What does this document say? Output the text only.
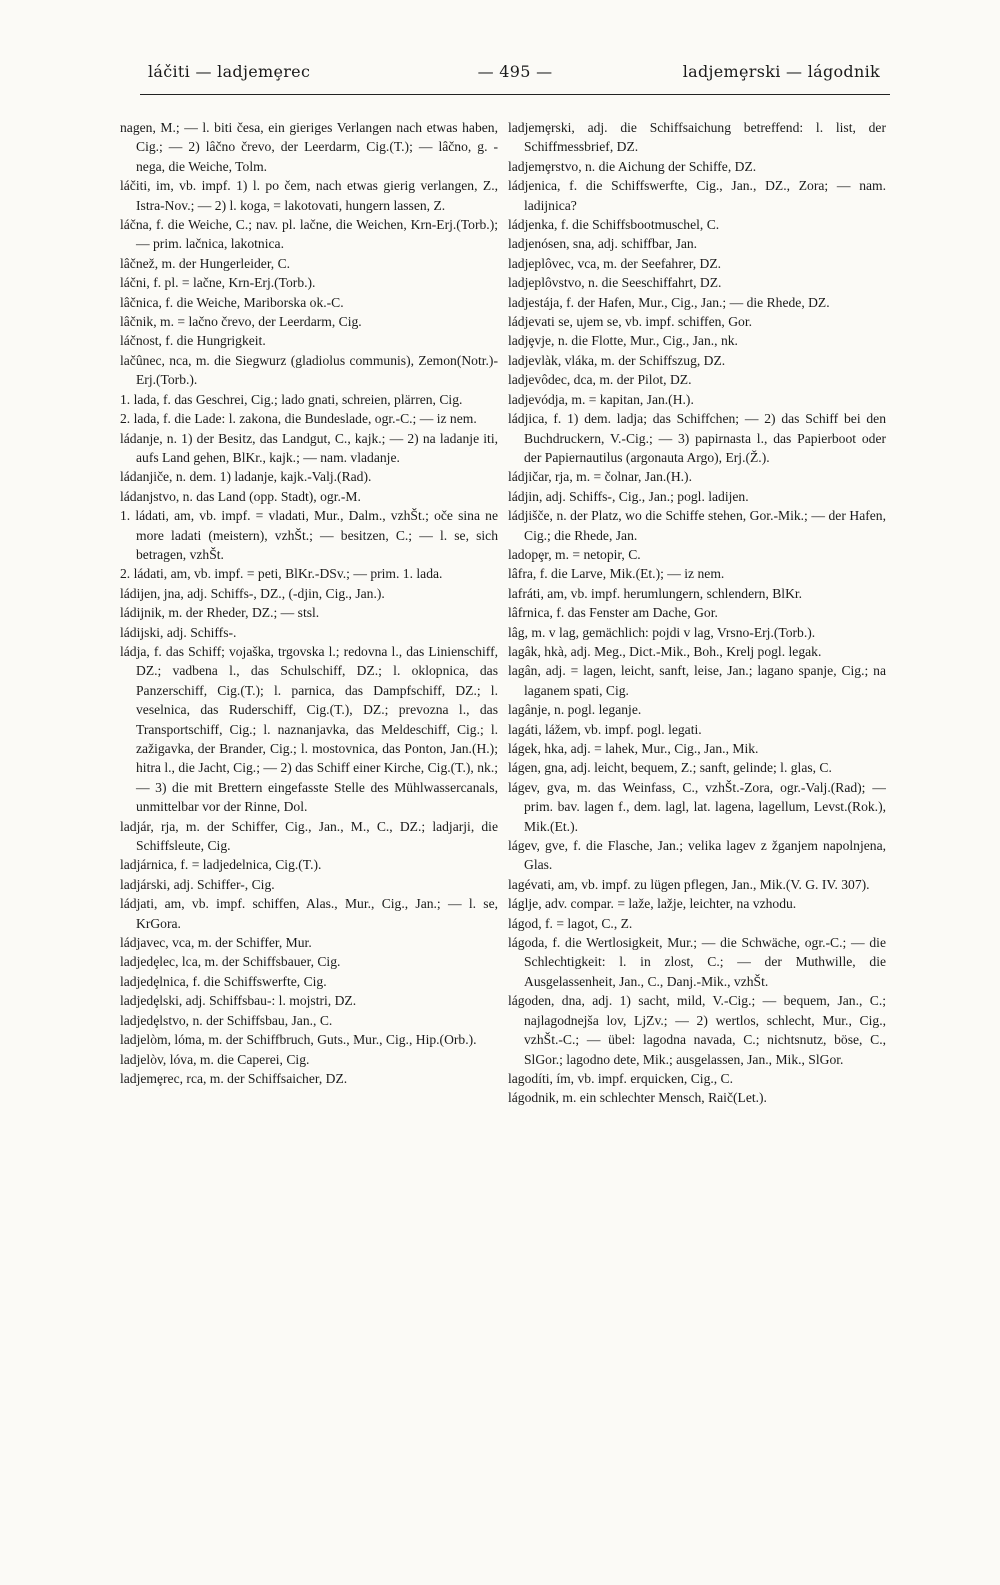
láčiti — ladjemȩrec	— 495 —	ladjemȩrski — lágodnik

nagen, M.; — l. biti česa, ein gieriges Verlangen nach etwas haben, Cig.; — 2) lâčno črevo, der Leerdarm, Cig.(T.); — lâčno, g. -nega, die Weiche, Tolm.

láčiti, im, vb. impf. 1) l. po čem, nach etwas gierig verlangen, Z., Istra-Nov.; — 2) l. koga, = lakotovati, hungern lassen, Z.

láčna, f. die Weiche, C.; nav. pl. lačne, die Weichen, Krn-Erj.(Torb.); — prim. lačnica, lakotnica.

lâčnež, m. der Hungerleider, C.

láčni, f. pl. = lačne, Krn-Erj.(Torb.).

lâčnica, f. die Weiche, Mariborska ok.-C.

lâčnik, m. = lačno črevo, der Leerdarm, Cig.

láčnost, f. die Hungrigkeit.

lačûnec, nca, m. die Siegwurz (gladiolus communis), Zemon(Notr.)-Erj.(Torb.).

1. lada, f. das Geschrei, Cig.; lado gnati, schreien, plärren, Cig.

2. lada, f. die Lade: l. zakona, die Bundeslade, ogr.-C.; — iz nem.

ládanje, n. 1) der Besitz, das Landgut, C., kajk.; — 2) na ladanje iti, aufs Land gehen, BlKr., kajk.; — nam. vladanje.

ládanjiče, n. dem. 1) ladanje, kajk.-Valj.(Rad).

ládanjstvo, n. das Land (opp. Stadt), ogr.-M.

1. ládati, am, vb. impf. = vladati, Mur., Dalm., vzhŠt.; oče sina ne more ladati (meistern), vzhŠt.; — besitzen, C.; — l. se, sich betragen, vzhŠt.

2. ládati, am, vb. impf. = peti, BlKr.-DSv.; — prim. 1. lada.

ládijen, jna, adj. Schiffs-, DZ., (-djin, Cig., Jan.).

ládijnik, m. der Rheder, DZ.; — stsl.

ládijski, adj. Schiffs-.

ládja, f. das Schiff; vojaška, trgovska l.; redovna l., das Linienschiff, DZ.; vadbena l., das Schulschiff, DZ.; l. oklopnica, das Panzerschiff, Cig.(T.); l. parnica, das Dampfschiff, DZ.; l. veselnica, das Ruderschiff, Cig.(T.), DZ.; prevozna l., das Transportschiff, Cig.; l. naznanjavka, das Meldeschiff, Cig.; l. zažigavka, der Brander, Cig.; l. mostovnica, das Ponton, Jan.(H.); hitra l., die Jacht, Cig.; — 2) das Schiff einer Kirche, Cig.(T.), nk.; — 3) die mit Brettern eingefasste Stelle des Mühlwassercanals, unmittelbar vor der Rinne, Dol.

ladjár, rja, m. der Schiffer, Cig., Jan., M., C., DZ.; ladjarji, die Schiffsleute, Cig.

ladjárnica, f. = ladjedelnica, Cig.(T.).

ladjárski, adj. Schiffer-, Cig.

ládjati, am, vb. impf. schiffen, Alas., Mur., Cig., Jan.; — l. se, KrGora.

ládjavec, vca, m. der Schiffer, Mur.

ladjedȩlec, lca, m. der Schiffsbauer, Cig.

ladjedȩlnica, f. die Schiffswerfte, Cig.

ladjedȩlski, adj. Schiffsbau-: l. mojstri, DZ.

ladjedȩlstvo, n. der Schiffsbau, Jan., C.

ladjelòm, lóma, m. der Schiffbruch, Guts., Mur., Cig., Hip.(Orb.).

ladjelòv, lóva, m. die Caperei, Cig.

ladjemȩrec, rca, m. der Schiffsaicher, DZ.

ladjemȩrski, adj. die Schiffsaichung betreffend: l. list, der Schiffmessbrief, DZ.

ladjemȩrstvo, n. die Aichung der Schiffe, DZ.

ládjenica, f. die Schiffswerfte, Cig., Jan., DZ., Zora; — nam. ladijnica?

ládjenka, f. die Schiffsbootmuschel, C.

ladjenósen, sna, adj. schiffbar, Jan.

ladjeplôvec, vca, m. der Seefahrer, DZ.

ladjeplôvstvo, n. die Seeschiffahrt, DZ.

ladjestája, f. der Hafen, Mur., Cig., Jan.; — die Rhede, DZ.

ládjevati se, ujem se, vb. impf. schiffen, Gor.

ladjȩvje, n. die Flotte, Mur., Cig., Jan., nk.

ladjevlàk, vláka, m. der Schiffszug, DZ.

ladjevôdec, dca, m. der Pilot, DZ.

ladjevódja, m. = kapitan, Jan.(H.).

ládjica, f. 1) dem. ladja; das Schiffchen; — 2) das Schiff bei den Buchdruckern, V.-Cig.; — 3) papirnasta l., das Papierboot oder der Papiernautilus (argonauta Argo), Erj.(Ž.).

ládjičar, rja, m. = čolnar, Jan.(H.).

ládjin, adj. Schiffs-, Cig., Jan.; pogl. ladijen.

ládjišče, n. der Platz, wo die Schiffe stehen, Gor.-Mik.; — der Hafen, Cig.; die Rhede, Jan.

ladopȩr, m. = netopir, C.

lâfra, f. die Larve, Mik.(Et.); — iz nem.

lafráti, am, vb. impf. herumlungern, schlendern, BlKr.

lâfrnica, f. das Fenster am Dache, Gor.

lâg, m. v lag, gemächlich: pojdi v lag, Vrsno-Erj.(Torb.).

lagâk, hkà, adj. Meg., Dict.-Mik., Boh., Krelj pogl. legak.

lagân, adj. = lagen, leicht, sanft, leise, Jan.; lagano spanje, Cig.; na laganem spati, Cig.

lagânje, n. pogl. leganje.

lagáti, lážem, vb. impf. pogl. legati.

lágek, hka, adj. = lahek, Mur., Cig., Jan., Mik.

lágen, gna, adj. leicht, bequem, Z.; sanft, gelinde; l. glas, C.

lágev, gva, m. das Weinfass, C., vzhŠt.-Zora, ogr.-Valj.(Rad); — prim. bav. lagen f., dem. lagl, lat. lagena, lagellum, Levst.(Rok.), Mik.(Et.).

lágev, gve, f. die Flasche, Jan.; velika lagev z žganjem napolnjena, Glas.

lagévati, am, vb. impf. zu lügen pflegen, Jan., Mik.(V. G. IV. 307).

láglje, adv. compar. = laže, lažje, leichter, na vzhodu.

lágod, f. = lagot, C., Z.

lágoda, f. die Wertlosigkeit, Mur.; — die Schwäche, ogr.-C.; — die Schlechtigkeit: l. in zlost, C.; — der Muthwille, die Ausgelassenheit, Jan., C., Danj.-Mik., vzhŠt.

lágoden, dna, adj. 1) sacht, mild, V.-Cig.; — bequem, Jan., C.; najlagodnejša lov, LjZv.; — 2) wertlos, schlecht, Mur., Cig., vzhŠt.-C.; — übel: lagodna navada, C.; nichtsnutz, böse, C., SlGor.; lagodno dete, Mik.; ausgelassen, Jan., Mik., SlGor.

lagodíti, ím, vb. impf. erquicken, Cig., C.

lágodnik, m. ein schlechter Mensch, Raič(Let.).
